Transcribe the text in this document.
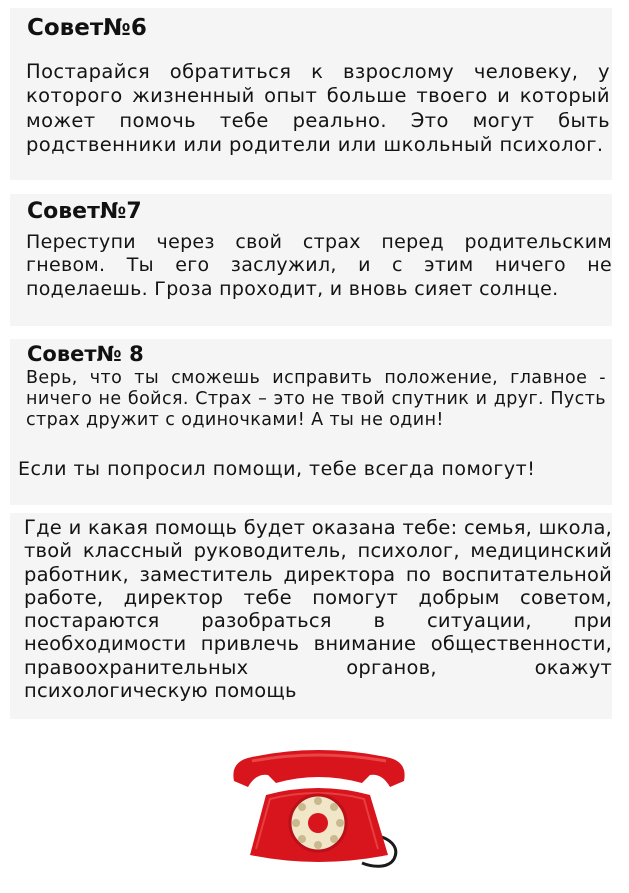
Совет№6

Постарайся обратиться к взрослому человеку, у которого жизненный опыт больше твоего и который может помочь тебе реально. Это могут быть родственники или родители или школьный психолог.

Совет№7

Переступи через свой страх перед родительским гневом. Ты его заслужил, и с этим ничего не поделаешь. Гроза проходит, и вновь сияет солнце.

Совет№ 8

Верь, что ты сможешь исправить положение, главное - ничего не бойся. Страх – это не твой спутник и друг. Пусть страх дружит с одиночками! А ты не один!

Если ты попросил помощи, тебе всегда помогут!

Где и какая помощь будет оказана тебе: семья, школа, твой классный руководитель, психолог, медицинский работник, заместитель директора по воспитательной работе, директор тебе помогут добрым советом, постараются разобраться в ситуации, при необходимости привлечь внимание общественности, правоохранительных органов, окажут психологическую помощь
